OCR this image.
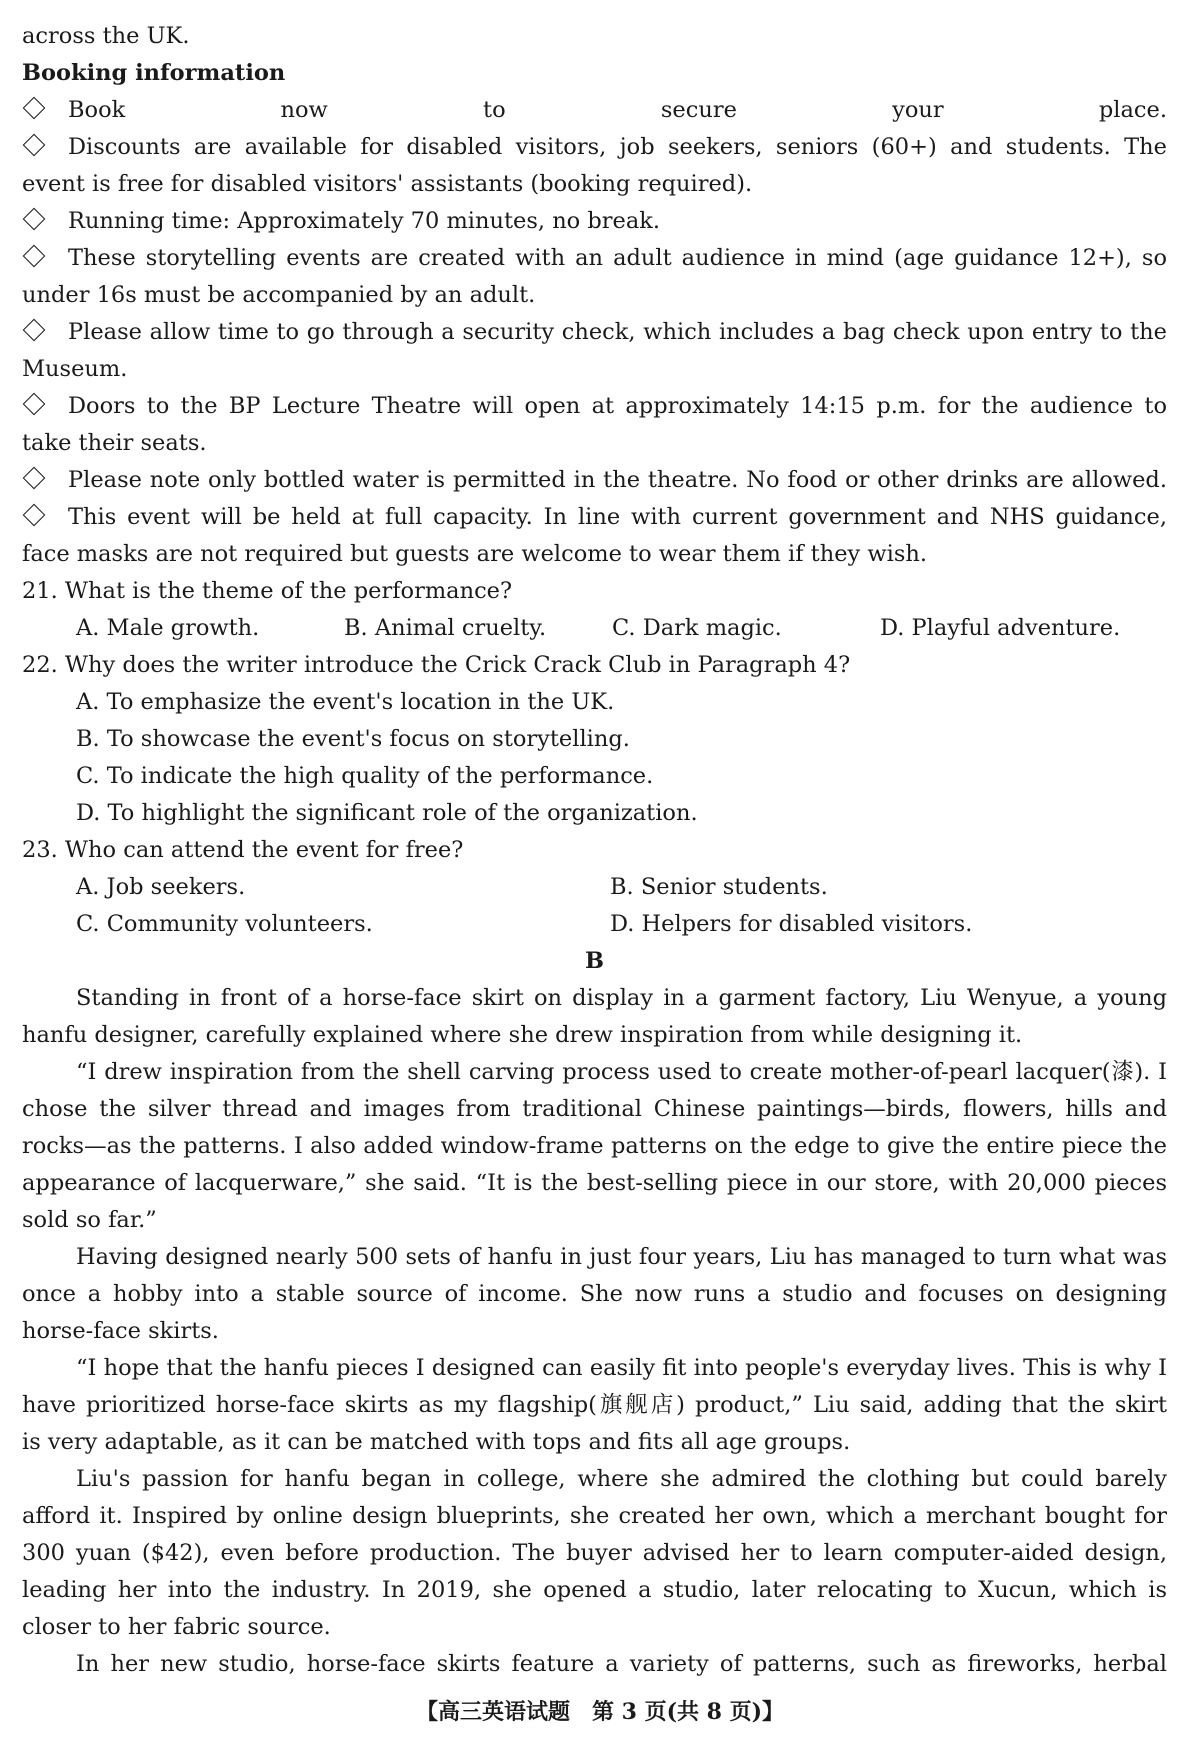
across the UK.
Booking information
Book now to secure your place.
Discounts are available for disabled visitors, job seekers, seniors (60+) and students. The
event is free for disabled visitors' assistants (booking required).
Running time: Approximately 70 minutes, no break.
These storytelling events are created with an adult audience in mind (age guidance 12+), so
under 16s must be accompanied by an adult.
Please allow time to go through a security check, which includes a bag check upon entry to the
Museum.
Doors to the BP Lecture Theatre will open at approximately 14:15 p.m. for the audience to
take their seats.
Please note only bottled water is permitted in the theatre. No food or other drinks are allowed.
This event will be held at full capacity. In line with current government and NHS guidance,
face masks are not required but guests are welcome to wear them if they wish.
21. What is the theme of the performance?
A. Male growth.	B. Animal cruelty.	C. Dark magic.	D. Playful adventure.
22. Why does the writer introduce the Crick Crack Club in Paragraph 4?
A. To emphasize the event's location in the UK.
B. To showcase the event's focus on storytelling.
C. To indicate the high quality of the performance.
D. To highlight the significant role of the organization.
23. Who can attend the event for free?
A. Job seekers.	B. Senior students.
C. Community volunteers.	D. Helpers for disabled visitors.
B
Standing in front of a horse-face skirt on display in a garment factory, Liu Wenyue, a young
hanfu designer, carefully explained where she drew inspiration from while designing it.
“I drew inspiration from the shell carving process used to create mother-of-pearl lacquer(漆). I
chose the silver thread and images from traditional Chinese paintings—birds, flowers, hills and
rocks—as the patterns. I also added window-frame patterns on the edge to give the entire piece the
appearance of lacquerware,” she said. “It is the best-selling piece in our store, with 20,000 pieces
sold so far.”
Having designed nearly 500 sets of hanfu in just four years, Liu has managed to turn what was
once a hobby into a stable source of income. She now runs a studio and focuses on designing
horse-face skirts.
“I hope that the hanfu pieces I designed can easily fit into people's everyday lives. This is why I
have prioritized horse-face skirts as my flagship(旗舰店) product,” Liu said, adding that the skirt
is very adaptable, as it can be matched with tops and fits all age groups.
Liu's passion for hanfu began in college, where she admired the clothing but could barely
afford it. Inspired by online design blueprints, she created her own, which a merchant bought for
300 yuan ($42), even before production. The buyer advised her to learn computer-aided design,
leading her into the industry. In 2019, she opened a studio, later relocating to Xucun, which is
closer to her fabric source.
In her new studio, horse-face skirts feature a variety of patterns, such as fireworks, herbal
【高三英语试题　第 3 页(共 8 页)】
